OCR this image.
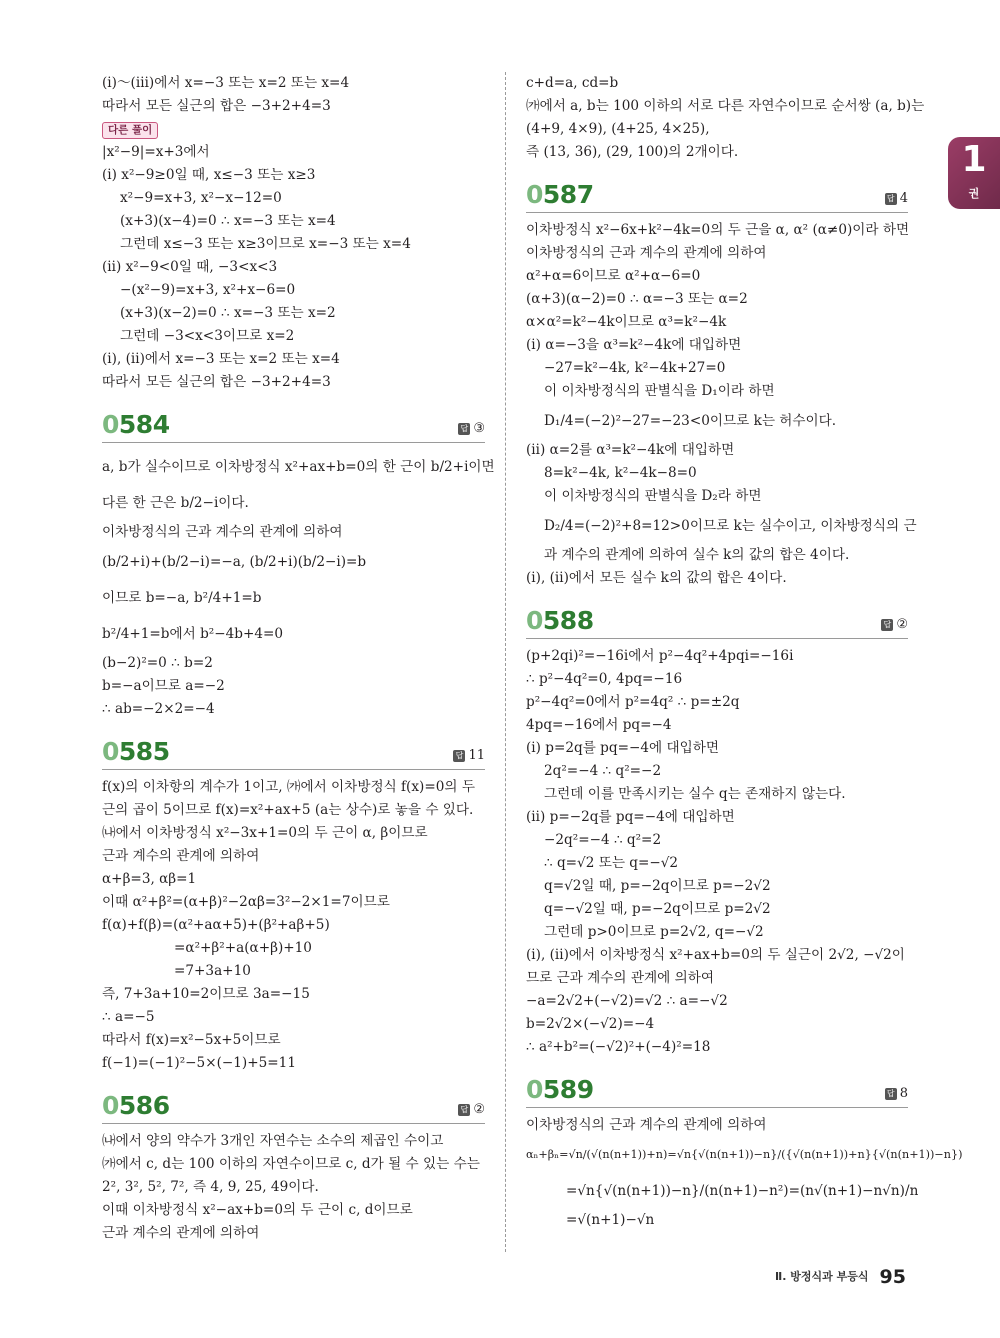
1
권
(ⅰ)～(ⅲ)에서 x=−3 또는 x=2 또는 x=4
따라서 모든 실근의 합은 −3+2+4=3
다른 풀이
|x²−9|=x+3에서
(ⅰ) x²−9≥0일 때, x≤−3 또는 x≥3
x²−9=x+3, x²−x−12=0
(x+3)(x−4)=0 ∴ x=−3 또는 x=4
그런데 x≤−3 또는 x≥3이므로 x=−3 또는 x=4
(ⅱ) x²−9<0일 때, −3<x<3
−(x²−9)=x+3, x²+x−6=0
(x+3)(x−2)=0 ∴ x=−3 또는 x=2
그런데 −3<x<3이므로 x=2
(ⅰ), (ⅱ)에서 x=−3 또는 x=2 또는 x=4
따라서 모든 실근의 합은 −3+2+4=3
0584	답 ③
a, b가 실수이므로 이차방정식 x²+ax+b=0의 한 근이 b/2+i이면
다른 한 근은 b/2−i이다.
이차방정식의 근과 계수의 관계에 의하여
(b/2+i)+(b/2−i)=−a, (b/2+i)(b/2−i)=b
이므로 b=−a, b²/4+1=b
b²/4+1=b에서 b²−4b+4=0
(b−2)²=0 ∴ b=2
b=−a이므로 a=−2
∴ ab=−2×2=−4
0585	답 11
f(x)의 이차항의 계수가 1이고, ㈎에서 이차방정식 f(x)=0의 두
근의 곱이 5이므로 f(x)=x²+ax+5 (a는 상수)로 놓을 수 있다.
㈏에서 이차방정식 x²−3x+1=0의 두 근이 α, β이므로
근과 계수의 관계에 의하여
α+β=3, αβ=1
이때 α²+β²=(α+β)²−2αβ=3²−2×1=7이므로
f(α)+f(β)=(α²+aα+5)+(β²+aβ+5)
=α²+β²+a(α+β)+10
=7+3a+10
즉, 7+3a+10=2이므로 3a=−15
∴ a=−5
따라서 f(x)=x²−5x+5이므로
f(−1)=(−1)²−5×(−1)+5=11
0586	답 ②
㈏에서 양의 약수가 3개인 자연수는 소수의 제곱인 수이고
㈎에서 c, d는 100 이하의 자연수이므로 c, d가 될 수 있는 수는
2², 3², 5², 7², 즉 4, 9, 25, 49이다.
이때 이차방정식 x²−ax+b=0의 두 근이 c, d이므로
근과 계수의 관계에 의하여
c+d=a, cd=b
㈎에서 a, b는 100 이하의 서로 다른 자연수이므로 순서쌍 (a, b)는
(4+9, 4×9), (4+25, 4×25),
즉 (13, 36), (29, 100)의 2개이다.
0587	답 4
이차방정식 x²−6x+k²−4k=0의 두 근을 α, α² (α≠0)이라 하면
이차방정식의 근과 계수의 관계에 의하여
α²+α=6이므로 α²+α−6=0
(α+3)(α−2)=0 ∴ α=−3 또는 α=2
α×α²=k²−4k이므로 α³=k²−4k
(ⅰ) α=−3을 α³=k²−4k에 대입하면
−27=k²−4k, k²−4k+27=0
이 이차방정식의 판별식을 D₁이라 하면
D₁/4=(−2)²−27=−23<0이므로 k는 허수이다.
(ⅱ) α=2를 α³=k²−4k에 대입하면
8=k²−4k, k²−4k−8=0
이 이차방정식의 판별식을 D₂라 하면
D₂/4=(−2)²+8=12>0이므로 k는 실수이고, 이차방정식의 근
과 계수의 관계에 의하여 실수 k의 값의 합은 4이다.
(ⅰ), (ⅱ)에서 모든 실수 k의 값의 합은 4이다.
0588	답 ②
(p+2qi)²=−16i에서 p²−4q²+4pqi=−16i
∴ p²−4q²=0, 4pq=−16
p²−4q²=0에서 p²=4q² ∴ p=±2q
4pq=−16에서 pq=−4
(ⅰ) p=2q를 pq=−4에 대입하면
2q²=−4 ∴ q²=−2
그런데 이를 만족시키는 실수 q는 존재하지 않는다.
(ⅱ) p=−2q를 pq=−4에 대입하면
−2q²=−4 ∴ q²=2
∴ q=√2 또는 q=−√2
q=√2일 때, p=−2q이므로 p=−2√2
q=−√2일 때, p=−2q이므로 p=2√2
그런데 p>0이므로 p=2√2, q=−√2
(ⅰ), (ⅱ)에서 이차방정식 x²+ax+b=0의 두 실근이 2√2, −√2이
므로 근과 계수의 관계에 의하여
−a=2√2+(−√2)=√2 ∴ a=−√2
b=2√2×(−√2)=−4
∴ a²+b²=(−√2)²+(−4)²=18
0589	답 8
이차방정식의 근과 계수의 관계에 의하여
αₙ+βₙ=√n/(√(n(n+1))+n)=√n{√(n(n+1))−n}/({√(n(n+1))+n}{√(n(n+1))−n})
=√n{√(n(n+1))−n}/(n(n+1)−n²)=(n√(n+1)−n√n)/n
=√(n+1)−√n
Ⅱ. 방정식과 부등식 95
